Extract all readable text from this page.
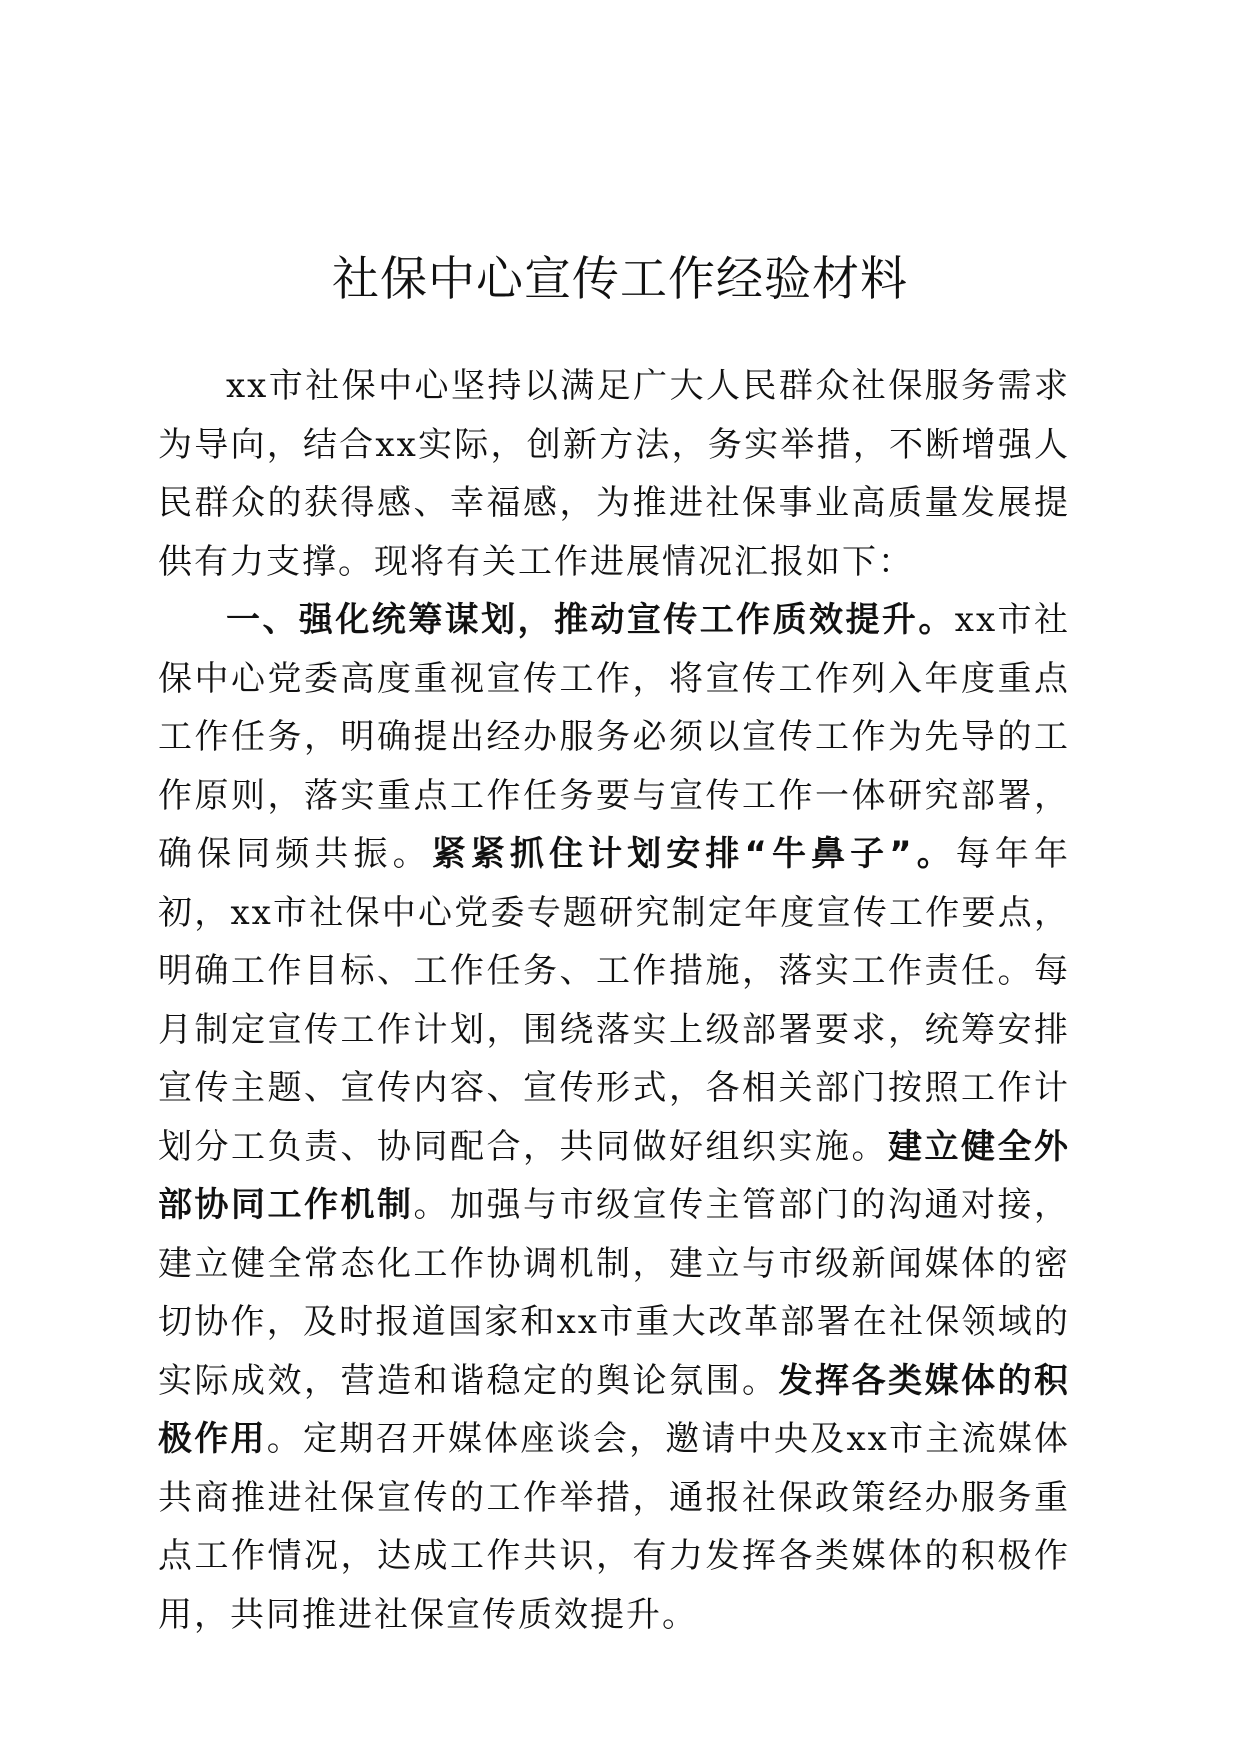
社保中心宣传工作经验材料

xx市社保中心坚持以满足广大人民群众社保服务需求为导向，结合xx实际，创新方法，务实举措，不断增强人民群众的获得感、幸福感，为推进社保事业高质量发展提供有力支撑。现将有关工作进展情况汇报如下：

一、强化统筹谋划，推动宣传工作质效提升。xx市社保中心党委高度重视宣传工作，将宣传工作列入年度重点工作任务，明确提出经办服务必须以宣传工作为先导的工作原则，落实重点工作任务要与宣传工作一体研究部署，确保同频共振。紧紧抓住计划安排“牛鼻子”。每年年初，xx市社保中心党委专题研究制定年度宣传工作要点，明确工作目标、工作任务、工作措施，落实工作责任。每月制定宣传工作计划，围绕落实上级部署要求，统筹安排宣传主题、宣传内容、宣传形式，各相关部门按照工作计划分工负责、协同配合，共同做好组织实施。建立健全外部协同工作机制。加强与市级宣传主管部门的沟通对接，建立健全常态化工作协调机制，建立与市级新闻媒体的密切协作，及时报道国家和xx市重大改革部署在社保领域的实际成效，营造和谐稳定的舆论氛围。发挥各类媒体的积极作用。定期召开媒体座谈会，邀请中央及xx市主流媒体共商推进社保宣传的工作举措，通报社保政策经办服务重点工作情况，达成工作共识，有力发挥各类媒体的积极作用，共同推进社保宣传质效提升。
